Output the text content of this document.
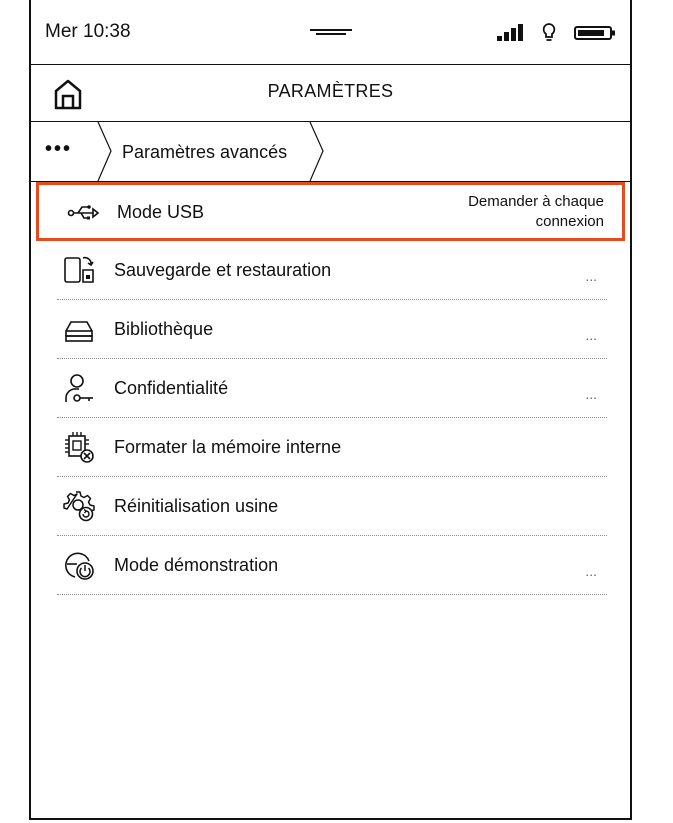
Mer 10:38
PARAMÈTRES
•••	Paramètres avancés
Mode USB
Demander à chaque connexion
Sauvegarde et restauration	...
Bibliothèque	...
Confidentialité	...
Formater la mémoire interne
Réinitialisation usine
Mode démonstration	...
